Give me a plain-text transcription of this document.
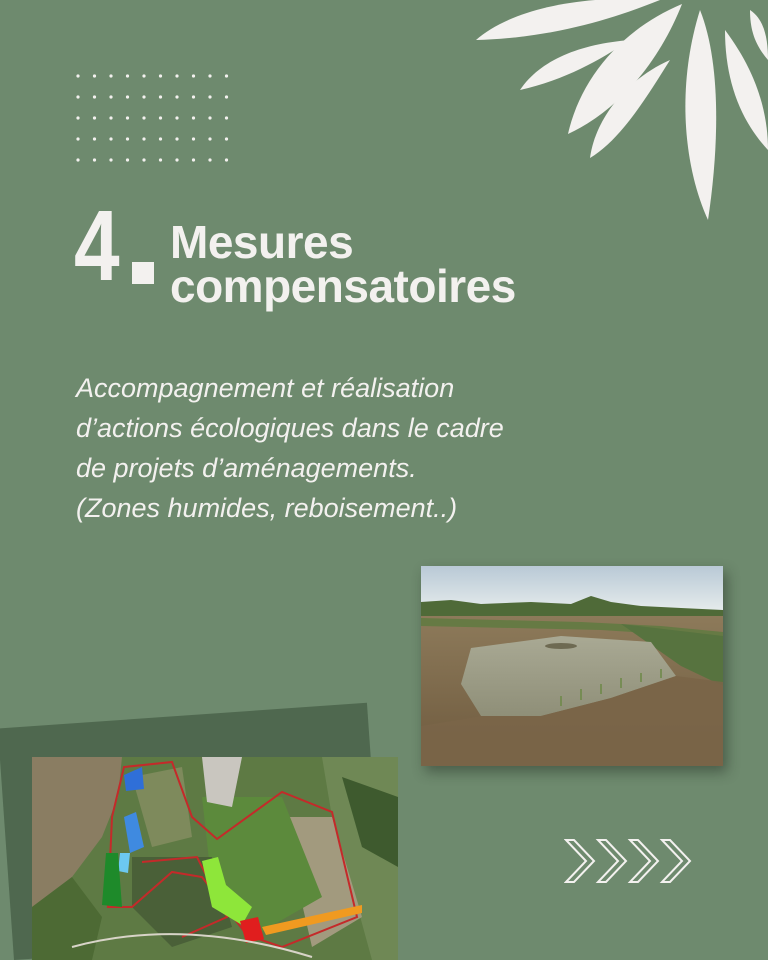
4 Mesures
compensatoires
Accompagnement et réalisation
d’actions écologiques dans le cadre
de projets d’aménagements.
(Zones humides, reboisement..)
